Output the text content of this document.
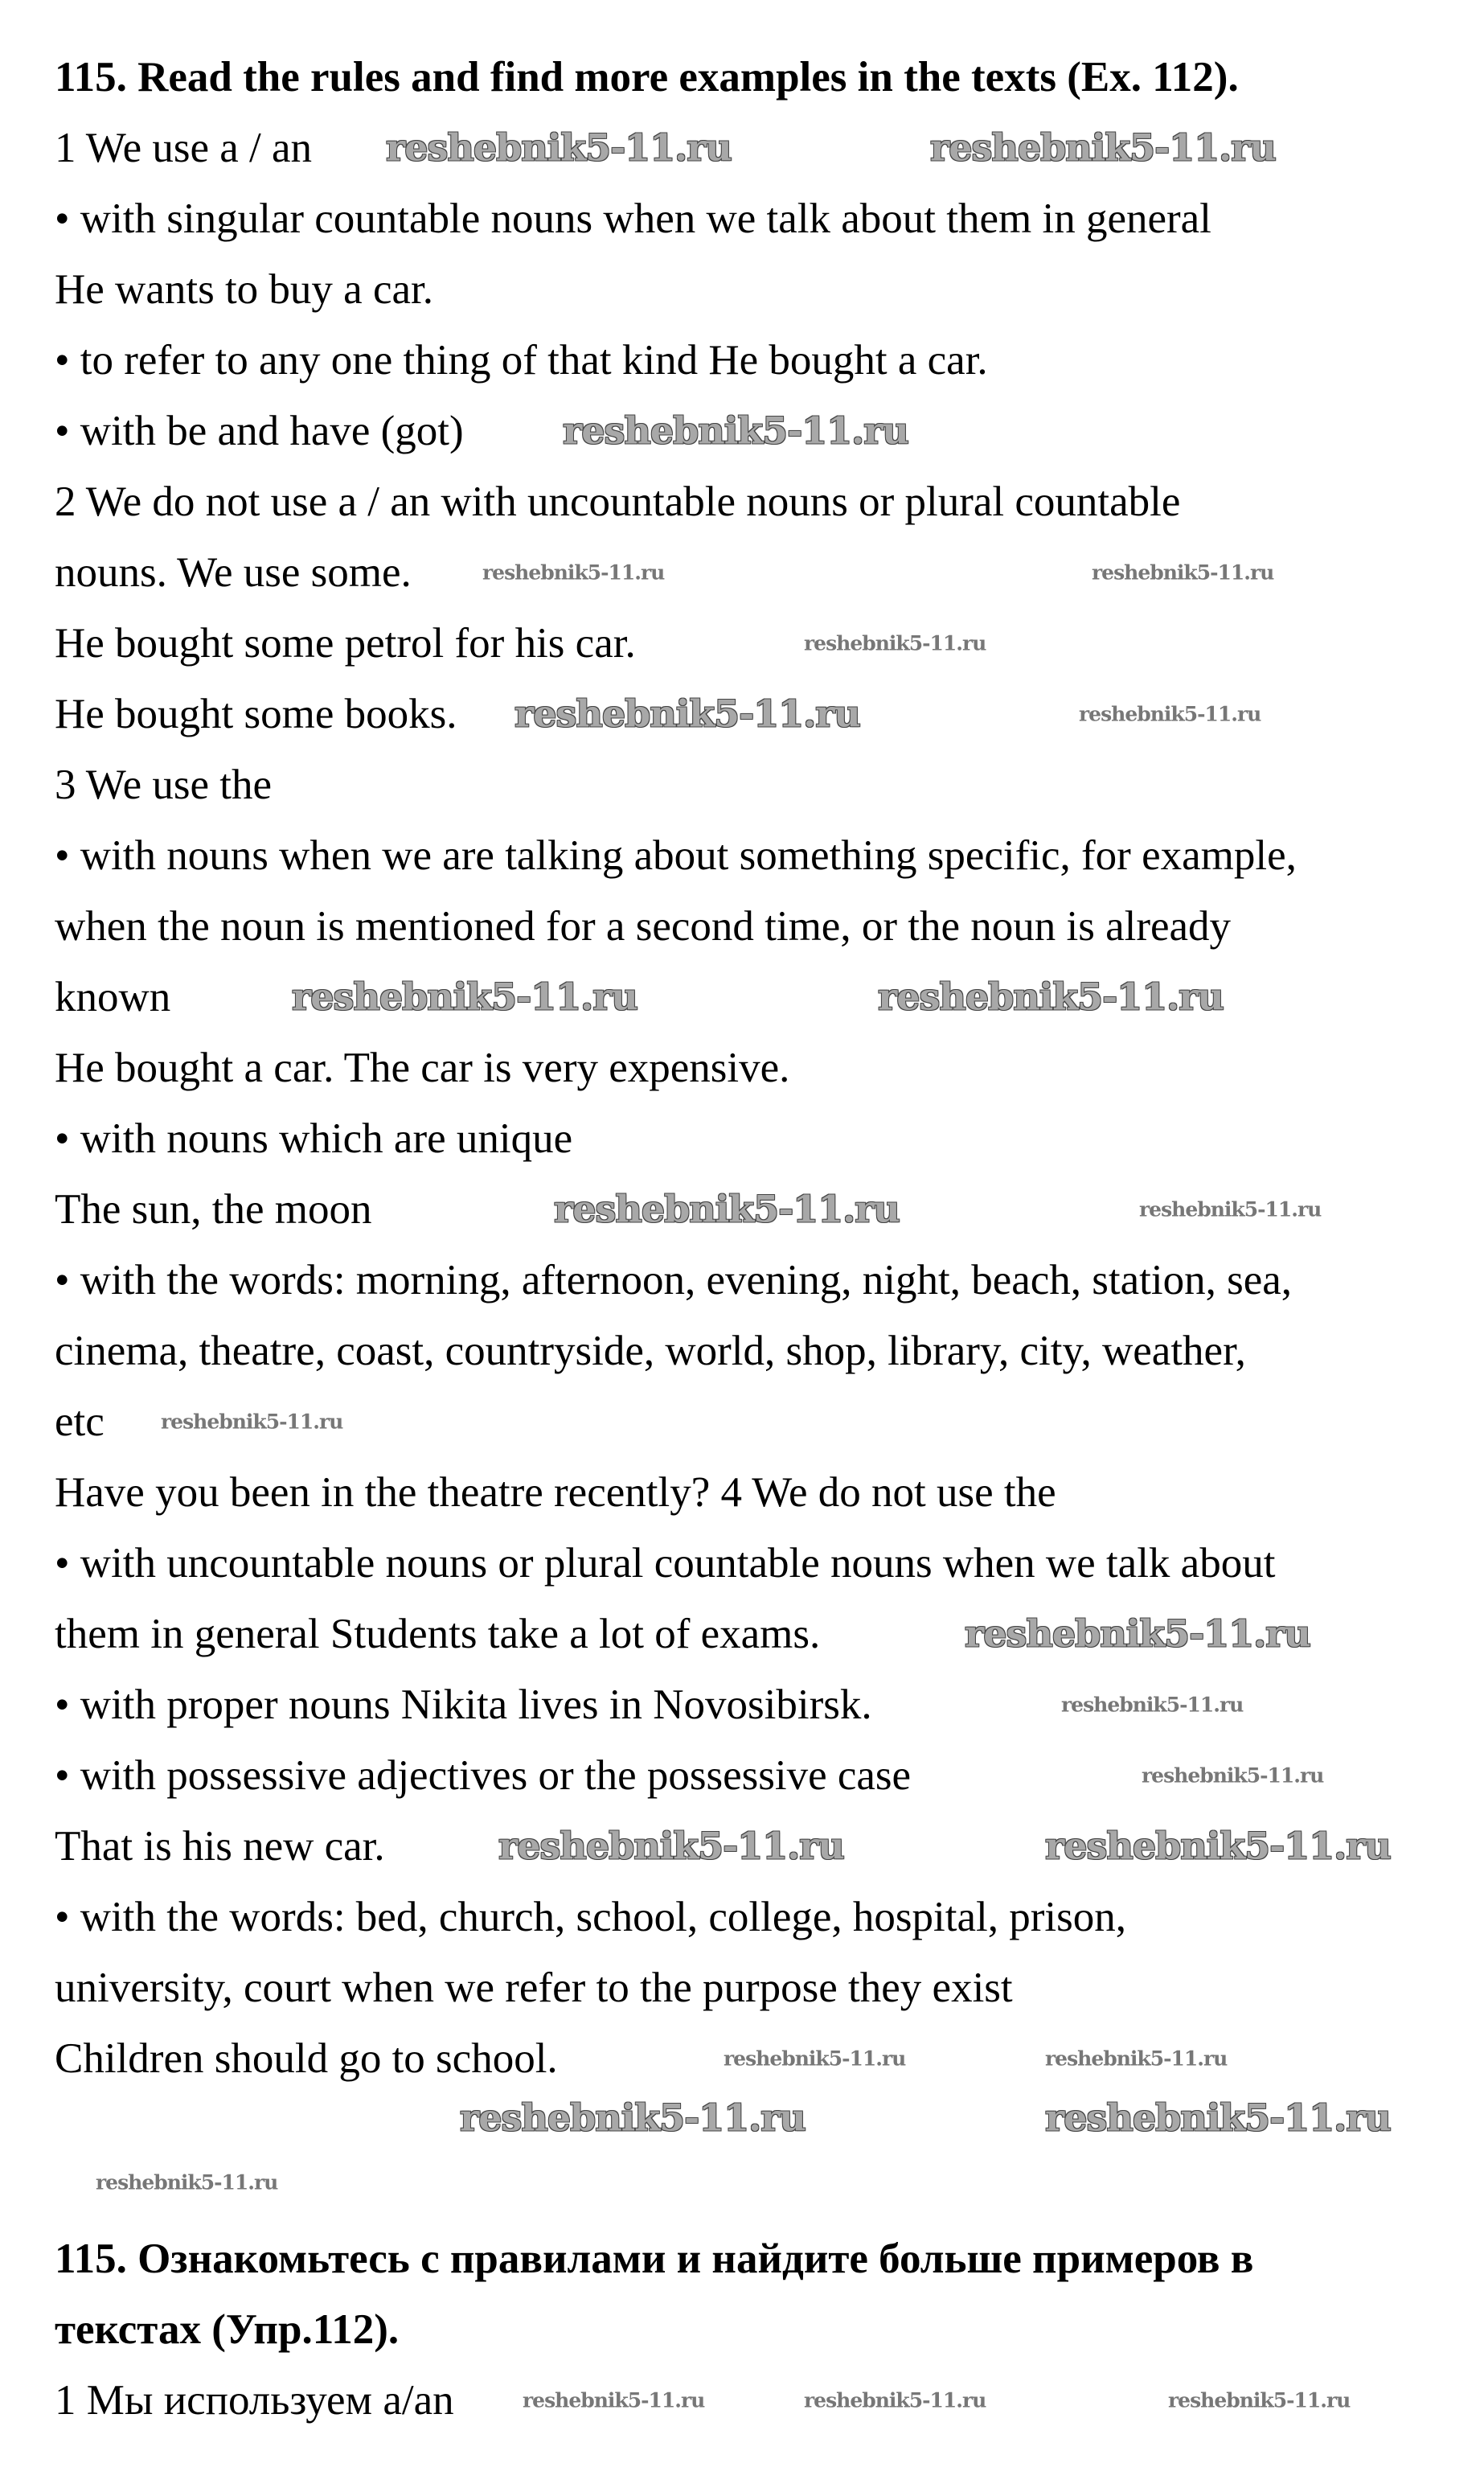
115. Read the rules and find more examples in the texts (Ex. 112).
1 We use a / an
• with singular countable nouns when we talk about them in general
He wants to buy a car.
• to refer to any one thing of that kind He bought a car.
• with be and have (got)
2 We do not use a / an with uncountable nouns or plural countable
nouns. We use some.
He bought some petrol for his car.
He bought some books.
3 We use the
• with nouns when we are talking about something specific, for example,
when the noun is mentioned for a second time, or the noun is already
known
He bought a car. The car is very expensive.
• with nouns which are unique
The sun, the moon
• with the words: morning, afternoon, evening, night, beach, station, sea,
cinema, theatre, coast, countryside, world, shop, library, city, weather,
etc
Have you been in the theatre recently? 4 We do not use the
• with uncountable nouns or plural countable nouns when we talk about
them in general Students take a lot of exams.
• with proper nouns Nikita lives in Novosibirsk.
• with possessive adjectives or the possessive case
That is his new car.
• with the words: bed, church, school, college, hospital, prison,
university, court when we refer to the purpose they exist
Children should go to school.
115. Ознакомьтесь с правилами и найдите больше примеров в
текстах (Упр.112).
1 Мы используем a/an
reshebnik5-11.ru	reshebnik5-11.ru
reshebnik5-11.ru	reshebnik5-11.ru
reshebnik5-11.ru
reshebnik5-11.ru
reshebnik5-11.ru	reshebnik5-11.ru
reshebnik5-11.ru	reshebnik5-11.ru
reshebnik5-11.ru	reshebnik5-11.ru
reshebnik5-11.ru
reshebnik5-11.ru
reshebnik5-11.ru
reshebnik5-11.ru
reshebnik5-11.ru	reshebnik5-11.ru
reshebnik5-11.ru	reshebnik5-11.ru
reshebnik5-11.ru	reshebnik5-11.ru
reshebnik5-11.ru
reshebnik5-11.ru	reshebnik5-11.ru	reshebnik5-11.ru
